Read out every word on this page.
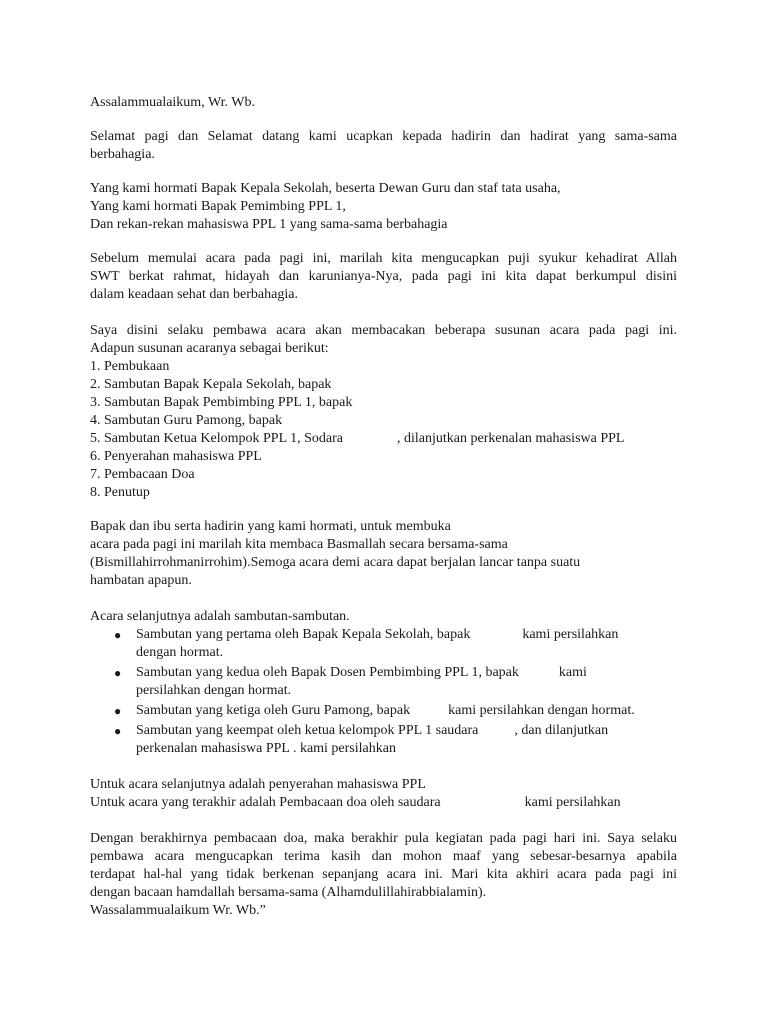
Assalammualaikum, Wr. Wb.
Selamat pagi dan Selamat datang kami ucapkan kepada hadirin dan hadirat yang sama-sama
berbahagia.
Yang kami hormati Bapak Kepala Sekolah, beserta Dewan Guru dan staf tata usaha,
Yang kami hormati Bapak Pemimbing PPL 1,
Dan rekan-rekan mahasiswa PPL 1 yang sama-sama berbahagia
Sebelum memulai acara pada pagi ini, marilah kita mengucapkan puji syukur kehadirat Allah
SWT berkat rahmat, hidayah dan karunianya-Nya, pada pagi ini kita dapat berkumpul disini
dalam keadaan sehat dan berbahagia.
Saya disini selaku pembawa acara akan membacakan beberapa susunan acara pada pagi ini.
Adapun susunan acaranya sebagai berikut:
1. Pembukaan
2. Sambutan Bapak Kepala Sekolah, bapak
3. Sambutan Bapak Pembimbing PPL 1, bapak
4. Sambutan Guru Pamong, bapak
5. Sambutan Ketua Kelompok PPL 1, Sodara	, dilanjutkan perkenalan mahasiswa PPL
6. Penyerahan mahasiswa PPL
7. Pembacaan Doa
8. Penutup
Bapak dan ibu serta hadirin yang kami hormati, untuk membuka
acara pada pagi ini marilah kita membaca Basmallah secara bersama-sama
(Bismillahirrohmanirrohim).Semoga acara demi acara dapat berjalan lancar tanpa suatu
hambatan apapun.
Acara selanjutnya adalah sambutan-sambutan.
● Sambutan yang pertama oleh Bapak Kepala Sekolah, bapak	kami persilahkan
dengan hormat.
● Sambutan yang kedua oleh Bapak Dosen Pembimbing PPL 1, bapak	kami
persilahkan dengan hormat.
● Sambutan yang ketiga oleh Guru Pamong, bapak	kami persilahkan dengan hormat.
● Sambutan yang keempat oleh ketua kelompok PPL 1 saudara	, dan dilanjutkan
perkenalan mahasiswa PPL . kami persilahkan
Untuk acara selanjutnya adalah penyerahan mahasiswa PPL
Untuk acara yang terakhir adalah Pembacaan doa oleh saudara	kami persilahkan
Dengan berakhirnya pembacaan doa, maka berakhir pula kegiatan pada pagi hari ini. Saya selaku
pembawa acara mengucapkan terima kasih dan mohon maaf yang sebesar-besarnya apabila
terdapat hal-hal yang tidak berkenan sepanjang acara ini. Mari kita akhiri acara pada pagi ini
dengan bacaan hamdallah bersama-sama (Alhamdulillahirabbialamin).
Wassalammualaikum Wr. Wb.”
